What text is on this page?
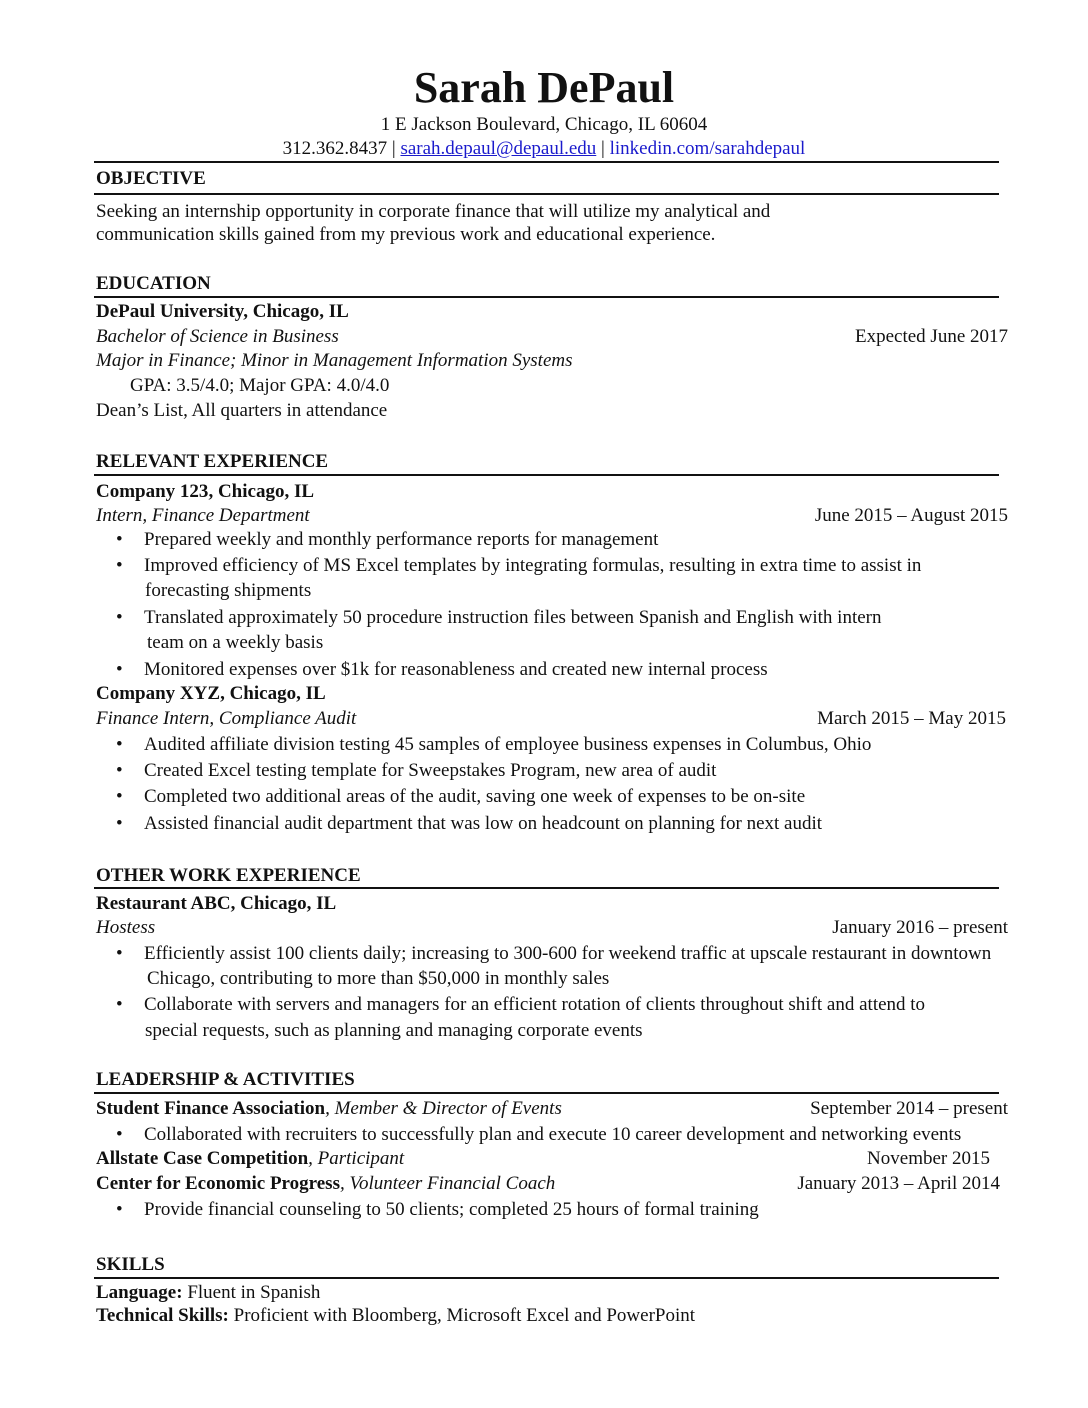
Sarah DePaul
1 E Jackson Boulevard, Chicago, IL 60604
312.362.8437 | sarah.depaul@depaul.edu | linkedin.com/sarahdepaul
OBJECTIVE
Seeking an internship opportunity in corporate finance that will utilize my analytical and
communication skills gained from my previous work and educational experience.
EDUCATION
DePaul University, Chicago, IL
Bachelor of Science in Business	Expected June 2017
Major in Finance; Minor in Management Information Systems
GPA: 3.5/4.0; Major GPA: 4.0/4.0
Dean’s List, All quarters in attendance
RELEVANT EXPERIENCE
Company 123, Chicago, IL
Intern, Finance Department	June 2015 – August 2015
• Prepared weekly and monthly performance reports for management
• Improved efficiency of MS Excel templates by integrating formulas, resulting in extra time to assist in
forecasting shipments
• Translated approximately 50 procedure instruction files between Spanish and English with intern
team on a weekly basis
• Monitored expenses over $1k for reasonableness and created new internal process
Company XYZ, Chicago, IL
Finance Intern, Compliance Audit	March 2015 – May 2015
• Audited affiliate division testing 45 samples of employee business expenses in Columbus, Ohio
• Created Excel testing template for Sweepstakes Program, new area of audit
• Completed two additional areas of the audit, saving one week of expenses to be on-site
• Assisted financial audit department that was low on headcount on planning for next audit
OTHER WORK EXPERIENCE
Restaurant ABC, Chicago, IL
Hostess	January 2016 – present
• Efficiently assist 100 clients daily; increasing to 300-600 for weekend traffic at upscale restaurant in downtown
Chicago, contributing to more than $50,000 in monthly sales
• Collaborate with servers and managers for an efficient rotation of clients throughout shift and attend to
special requests, such as planning and managing corporate events
LEADERSHIP & ACTIVITIES
Student Finance Association, Member & Director of Events	September 2014 – present
• Collaborated with recruiters to successfully plan and execute 10 career development and networking events
Allstate Case Competition, Participant	November 2015
Center for Economic Progress, Volunteer Financial Coach	January 2013 – April 2014
• Provide financial counseling to 50 clients; completed 25 hours of formal training
SKILLS
Language: Fluent in Spanish
Technical Skills: Proficient with Bloomberg, Microsoft Excel and PowerPoint
